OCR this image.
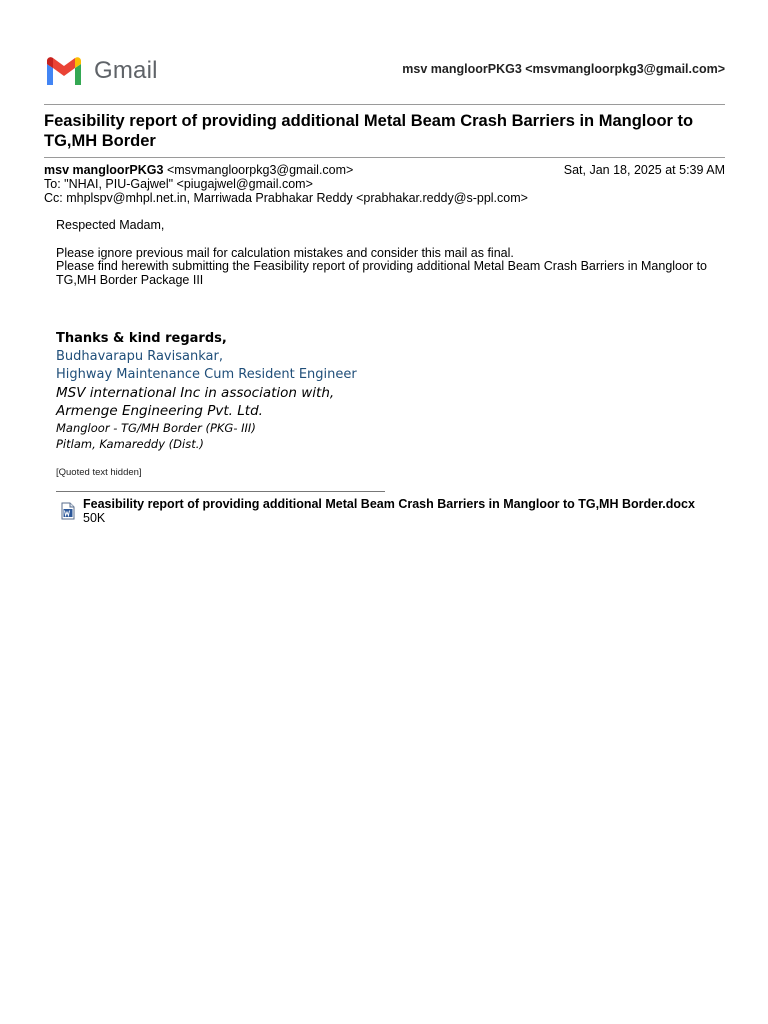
Gmail	msv mangloorPKG3 <msvmangloorpkg3@gmail.com>
Feasibility report of providing additional Metal Beam Crash Barriers in Mangloor to TG,MH Border
msv mangloorPKG3 <msvmangloorpkg3@gmail.com>	Sat, Jan 18, 2025 at 5:39 AM
To: "NHAI, PIU-Gajwel" <piugajwel@gmail.com>
Cc: mhplspv@mhpl.net.in, Marriwada Prabhakar Reddy <prabhakar.reddy@s-ppl.com>

Respected Madam,

Please ignore previous mail for calculation mistakes and consider this mail as final.

Please find herewith submitting the Feasibility report of providing additional Metal Beam Crash Barriers in Mangloor to TG,MH Border Package III

Thanks & kind regards,
Budhavarapu Ravisankar,
Highway Maintenance Cum Resident Engineer
MSV international Inc in association with,
Armenge Engineering Pvt. Ltd.
Mangloor - TG/MH Border (PKG- III)
Pitlam, Kamareddy (Dist.)
[Quoted text hidden]
Feasibility report of providing additional Metal Beam Crash Barriers in Mangloor to TG,MH Border.docx
50K
